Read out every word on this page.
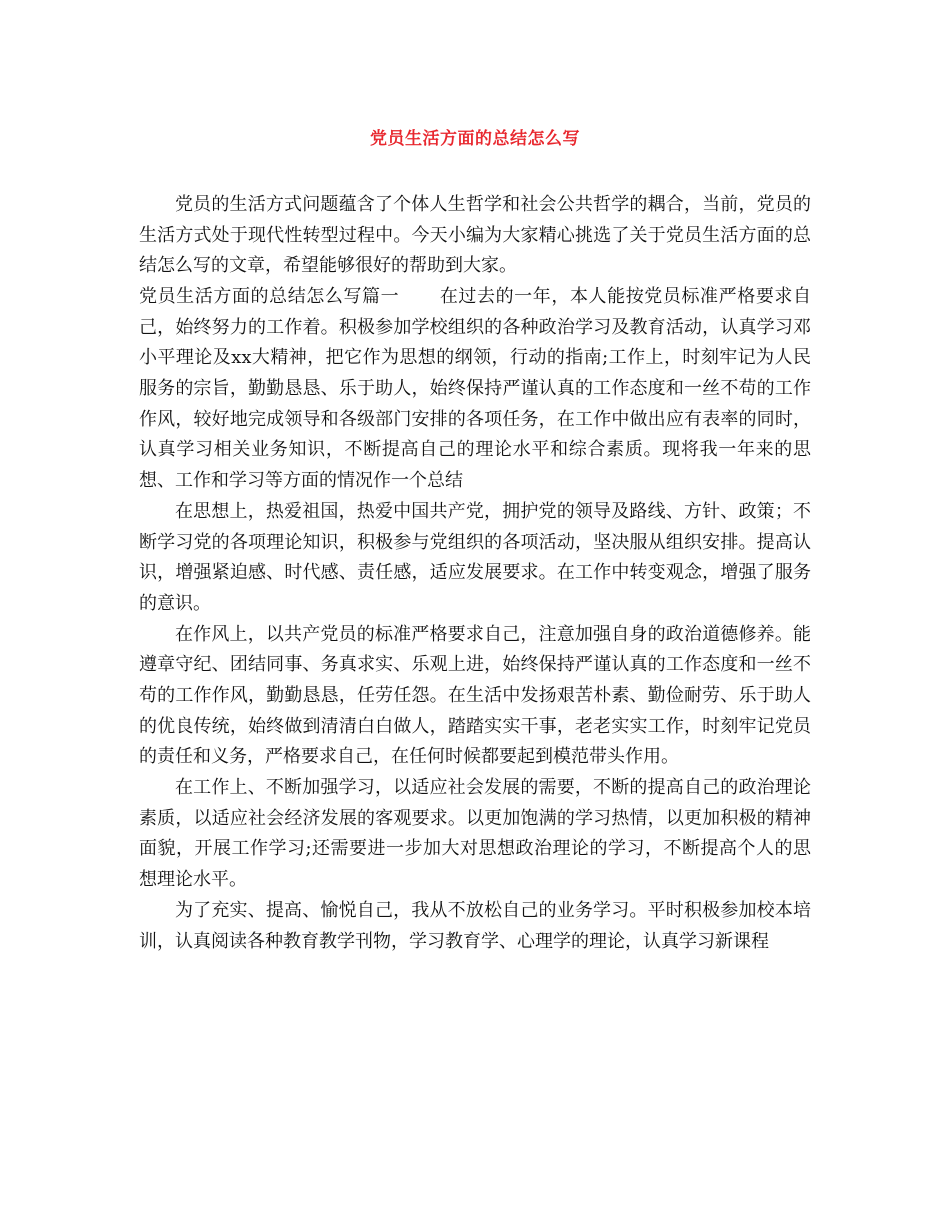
党员生活方面的总结怎么写

党员的生活方式问题蕴含了个体人生哲学和社会公共哲学的耦合，当前，党员的生活方式处于现代性转型过程中。今天小编为大家精心挑选了关于党员生活方面的总结怎么写的文章，希望能够很好的帮助到大家。

党员生活方面的总结怎么写篇一 在过去的一年，本人能按党员标准严格要求自己，始终努力的工作着。积极参加学校组织的各种政治学习及教育活动，认真学习邓小平理论及xx大精神，把它作为思想的纲领，行动的指南;工作上，时刻牢记为人民服务的宗旨，勤勤恳恳、乐于助人，始终保持严谨认真的工作态度和一丝不苟的工作作风，较好地完成领导和各级部门安排的各项任务，在工作中做出应有表率的同时，认真学习相关业务知识，不断提高自己的理论水平和综合素质。现将我一年来的思想、工作和学习等方面的情况作一个总结

在思想上，热爱祖国，热爱中国共产党，拥护党的领导及路线、方针、政策；不断学习党的各项理论知识，积极参与党组织的各项活动，坚决服从组织安排。提高认识，增强紧迫感、时代感、责任感，适应发展要求。在工作中转变观念，增强了服务的意识。

在作风上，以共产党员的标准严格要求自己，注意加强自身的政治道德修养。能遵章守纪、团结同事、务真求实、乐观上进，始终保持严谨认真的工作态度和一丝不苟的工作作风，勤勤恳恳，任劳任怨。在生活中发扬艰苦朴素、勤俭耐劳、乐于助人的优良传统，始终做到清清白白做人，踏踏实实干事，老老实实工作，时刻牢记党员的责任和义务，严格要求自己，在任何时候都要起到模范带头作用。

在工作上、不断加强学习，以适应社会发展的需要，不断的提高自己的政治理论素质，以适应社会经济发展的客观要求。以更加饱满的学习热情，以更加积极的精神面貌，开展工作学习;还需要进一步加大对思想政治理论的学习，不断提高个人的思想理论水平。

为了充实、提高、愉悦自己，我从不放松自己的业务学习。平时积极参加校本培训，认真阅读各种教育教学刊物，学习教育学、心理学的理论，认真学习新课程
